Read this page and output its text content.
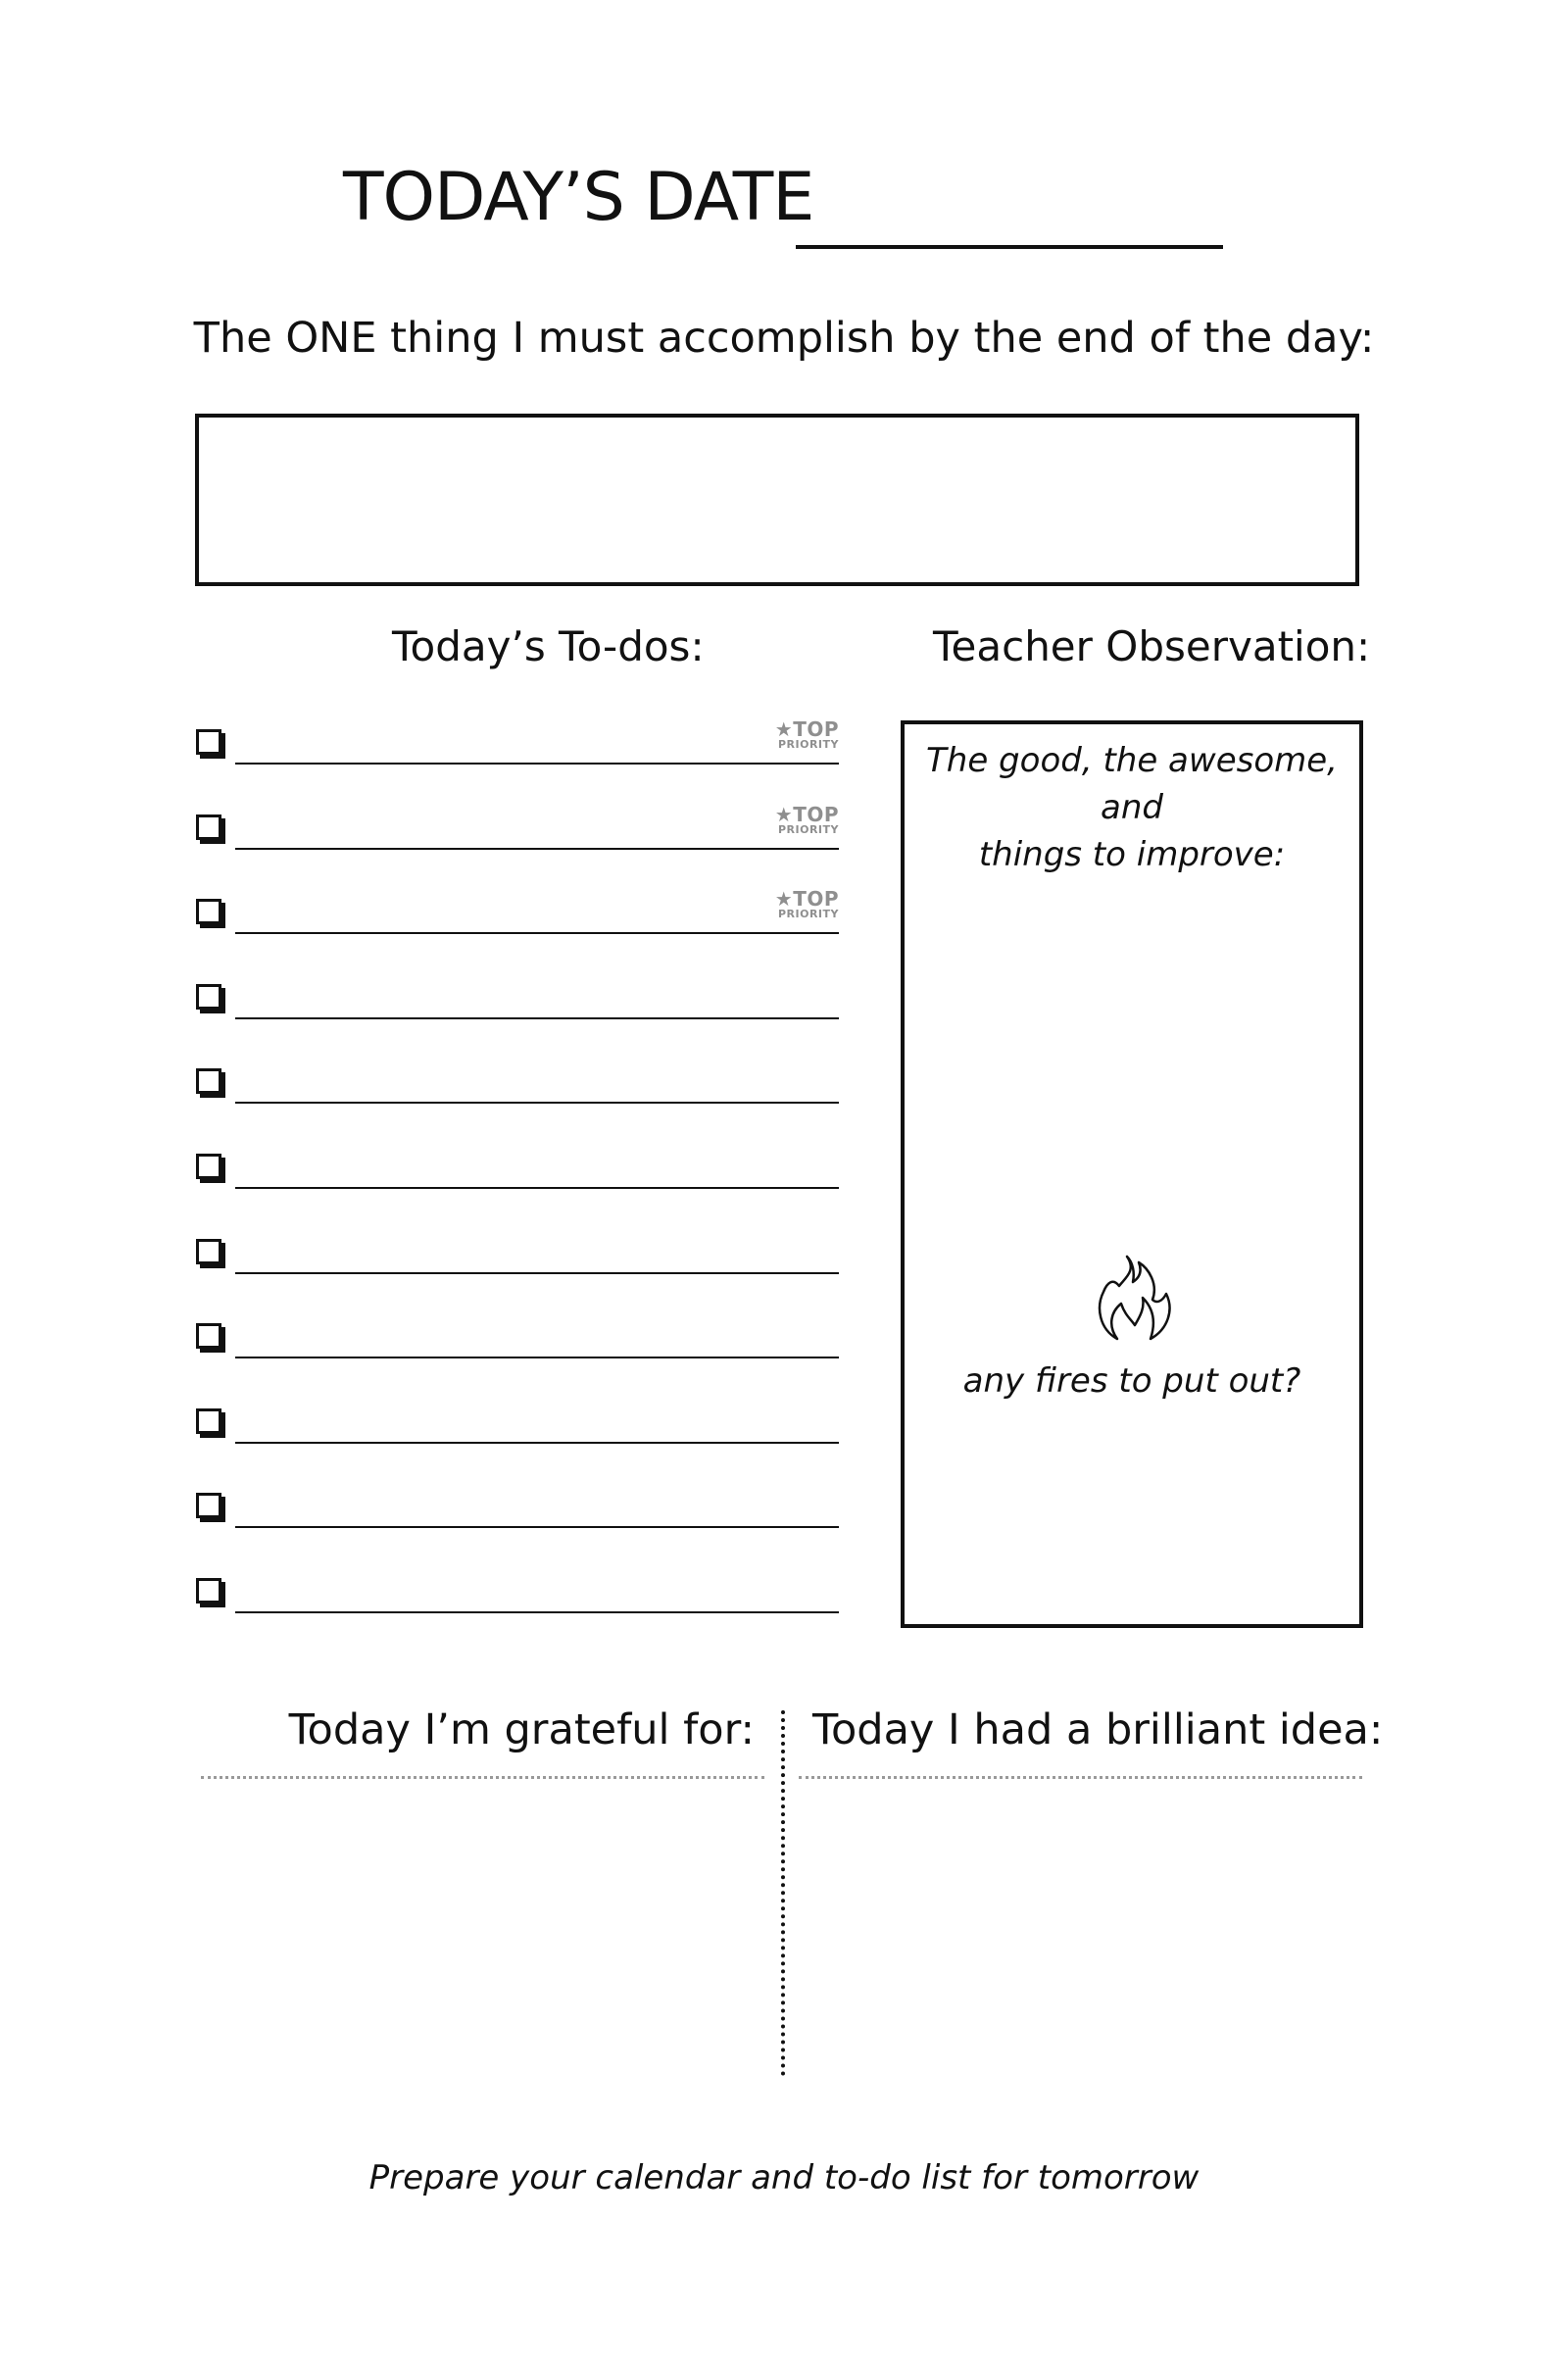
TODAY’S DATE
The ONE thing I must accomplish by the end of the day:
Today’s To-dos:	Teacher Observation:
★TOP
PRIORITY
★TOP
PRIORITY
★TOP
PRIORITY
The good, the awesome, and
things to improve:
any fires to put out?
Today I’m grateful for: Today I had a brilliant idea:
Prepare your calendar and to-do list for tomorrow
